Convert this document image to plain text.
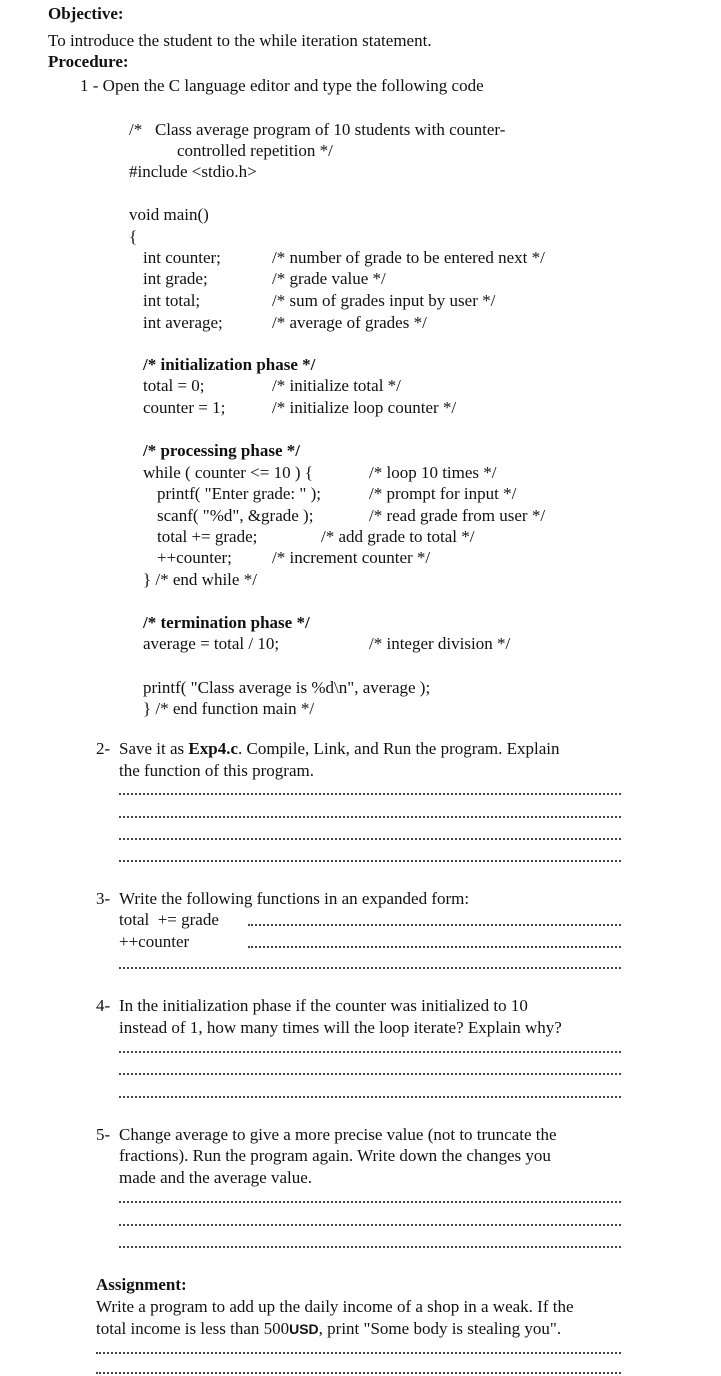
Objective:
To introduce the student to the while iteration statement.
Procedure:
1 - Open the C language editor and type the following code
/*   Class average program of 10 students with counter-
controlled repetition */
#include <stdio.h>
void main()
{
int counter;	/* number of grade to be entered next */
int grade;	/* grade value */
int total;	/* sum of grades input by user */
int average;	/* average of grades */
/* initialization phase */
total = 0;	/* initialize total */
counter = 1;	/* initialize loop counter */
/* processing phase */
while ( counter <= 10 ) {	/* loop 10 times */
printf( "Enter grade: " );	/* prompt for input */
scanf( "%d", &grade );	/* read grade from user */
total += grade;	/* add grade to total */
++counter; /* increment counter */
} /* end while */
/* termination phase */
average = total / 10;	/* integer division */
printf( "Class average is %d\n", average );
} /* end function main */
2- Save it as Exp4.c. Compile, Link, and Run the program. Explain
the function of this program.
3- Write the following functions in an expanded form:
total  += grade
++counter
4- In the initialization phase if the counter was initialized to 10
instead of 1, how many times will the loop iterate? Explain why?
5- Change average to give a more precise value (not to truncate the
fractions). Run the program again. Write down the changes you
made and the average value.
Assignment:
Write a program to add up the daily income of a shop in a weak. If the
total income is less than 500USD, print "Some body is stealing you".
